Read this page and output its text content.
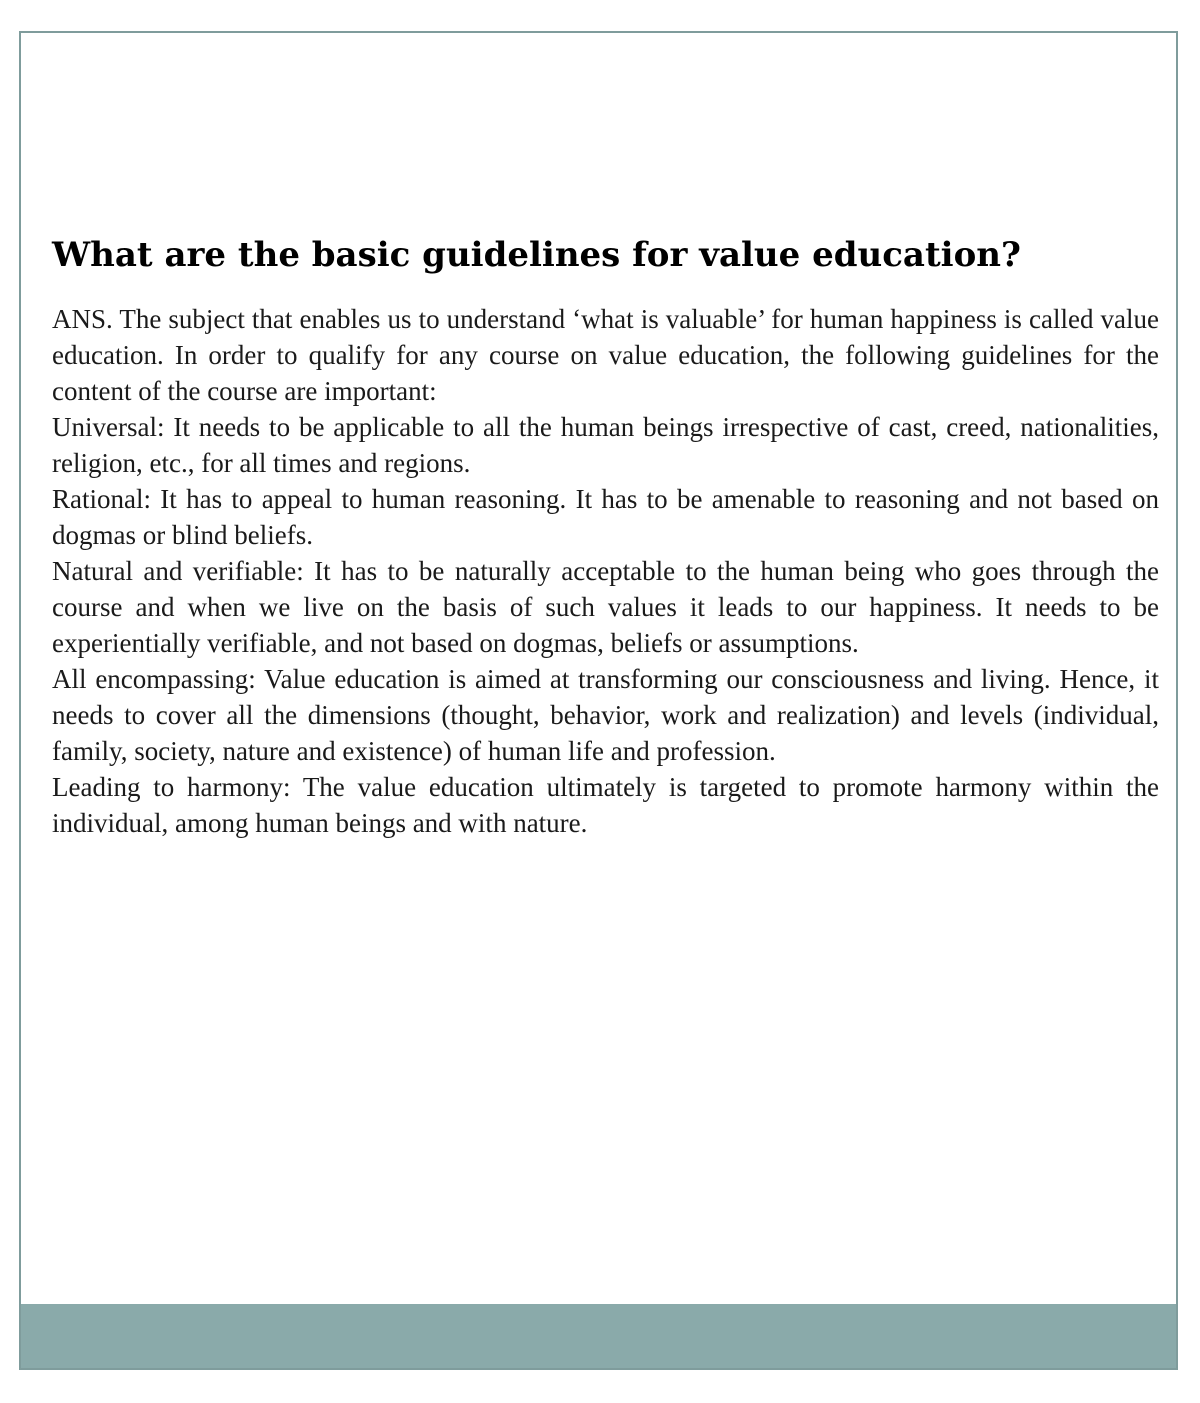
What are the basic guidelines for value education?

ANS. The subject that enables us to understand ‘what is valuable’ for human happiness is called value education. In order to qualify for any course on value education, the following guidelines for the content of the course are important:

Universal: It needs to be applicable to all the human beings irrespective of cast, creed, nationalities, religion, etc., for all times and regions.

Rational: It has to appeal to human reasoning. It has to be amenable to reasoning and not based on dogmas or blind beliefs.

Natural and verifiable: It has to be naturally acceptable to the human being who goes through the course and when we live on the basis of such values it leads to our happiness. It needs to be experientially verifiable, and not based on dogmas, beliefs or assumptions.

All encompassing: Value education is aimed at transforming our consciousness and living. Hence, it needs to cover all the dimensions (thought, behavior, work and realization) and levels (individual, family, society, nature and existence) of human life and profession.

Leading to harmony: The value education ultimately is targeted to promote harmony within the individual, among human beings and with nature.
